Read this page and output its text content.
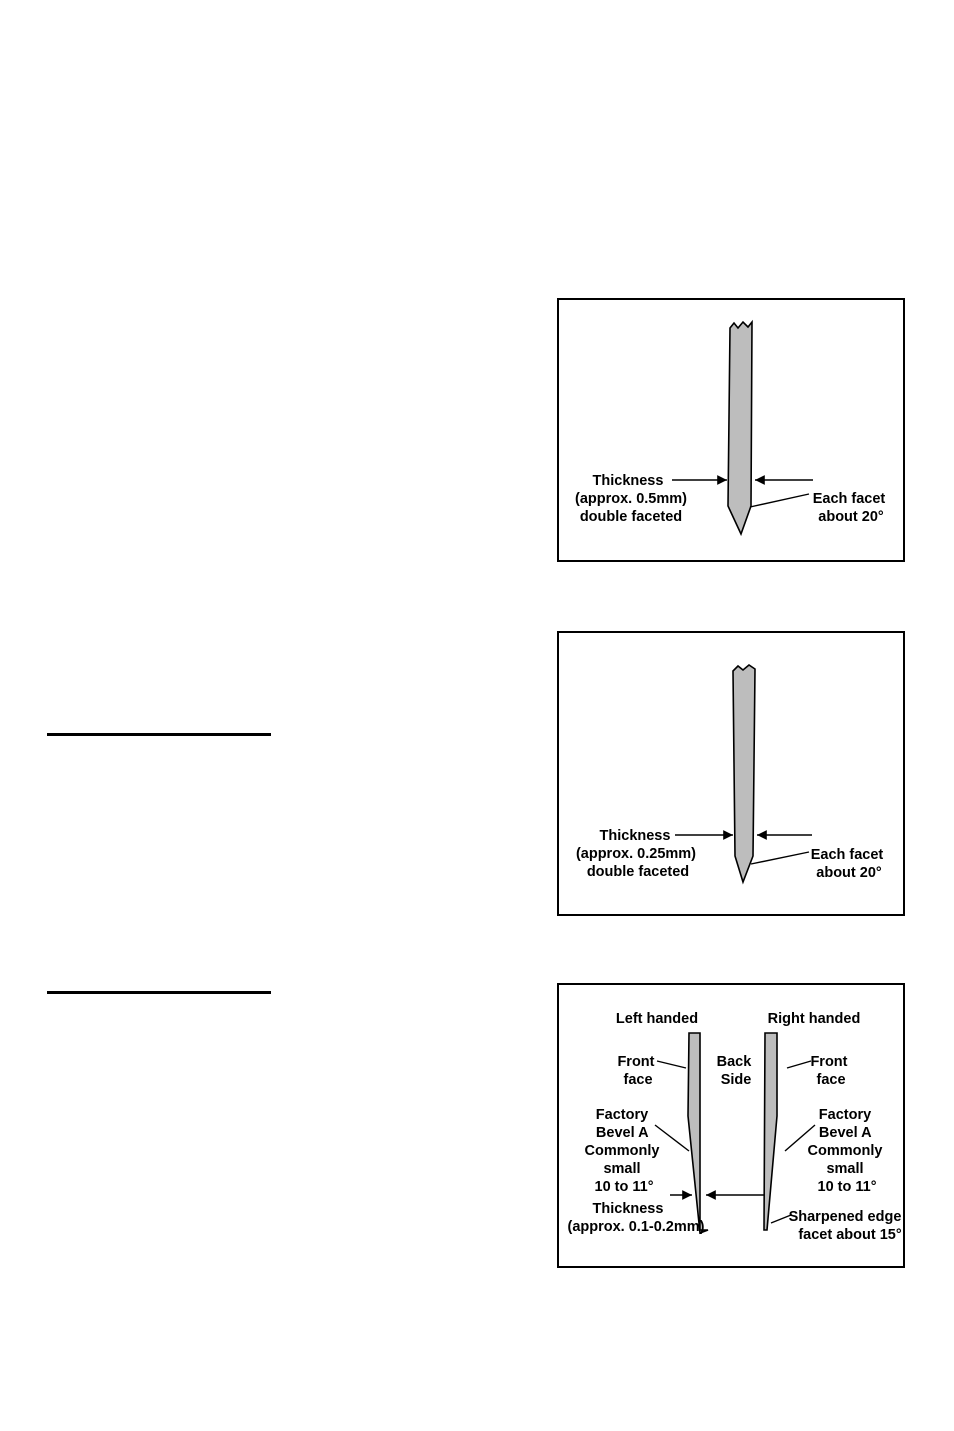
Thickness (approx. 0.5mm) double faceted
Each facet about 20°
Thickness (approx. 0.25mm) double faceted
Each facet about 20°
Left handed	Right handed
Front face
Back Side
Front face
Factory Bevel A Commonly small 10 to 11°
Factory Bevel A Commonly small 10 to 11°
Thickness (approx. 0.1-0.2mm)
Sharpened edge facet about 15°
